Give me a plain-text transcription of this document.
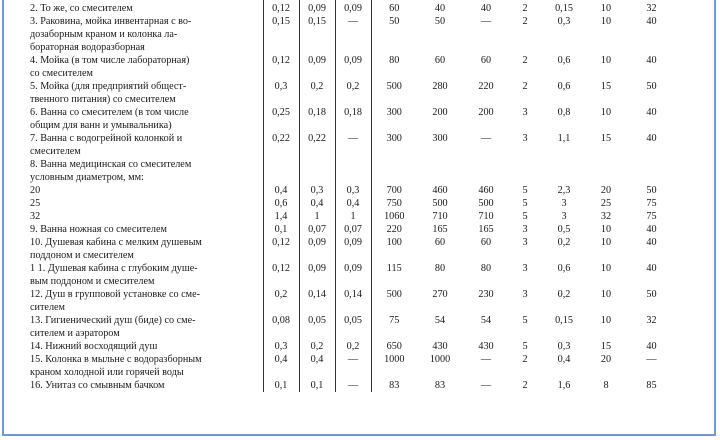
2. То же, со смесителем	0,12	0,09	0,09	60	40	40	2	0,15	10	32
3. Раковина, мойка инвентарная с во-	0,15	0,15	—	50	50	—	2	0,3	10	40
дозаборным краном и колонка ла-										
бораторная водоразборная										
4. Мойка (в том числе лабораторная)	0,12	0,09	0,09	80	60	60	2	0,6	10	40
со смесителем										
5. Мойка (для предприятий общест-	0,3	0,2	0,2	500	280	220	2	0,6	15	50
твенного питания) со смесителем										
6. Ванна со смесителем (в том числе	0,25	0,18	0,18	300	200	200	3	0,8	10	40
общим для ванн и умывальника)										
7. Ванна с водогрейной колонкой и	0,22	0,22	—	300	300	—	3	1,1	15	40
смесителем										
8. Ванна медицинская со смесителем										
условным диаметром, мм:										
20	0,4	0,3	0,3	700	460	460	5	2,3	20	50
25	0,6	0,4	0,4	750	500	500	5	3	25	75
32	1,4	1	1	1060	710	710	5	3	32	75
9. Ванна ножная со смесителем	0,1	0,07	0,07	220	165	165	3	0,5	10	40
10. Душевая кабина с мелким душевым	0,12	0,09	0,09	100	60	60	3	0,2	10	40
поддоном и смесителем										
1 1. Душевая кабина с глубоким душе-	0,12	0,09	0,09	115	80	80	3	0,6	10	40
вым поддоном и смесителем										
12. Душ в групповой установке со сме-	0,2	0,14	0,14	500	270	230	3	0,2	10	50
сителем										
13. Гигиенический душ (биде) со сме-	0,08	0,05	0,05	75	54	54	5	0,15	10	32
сителем и аэратором										
14. Нижний восходящий душ	0,3	0,2	0,2	650	430	430	5	0,3	15	40
15. Колонка в мыльне с водоразборным	0,4	0,4	—	1000	1000	—	2	0,4	20	—
краном холодной или горячей воды										
16. Унитаз со смывным бачком	0,1	0,1	—	83	83	—	2	1,6	8	85
